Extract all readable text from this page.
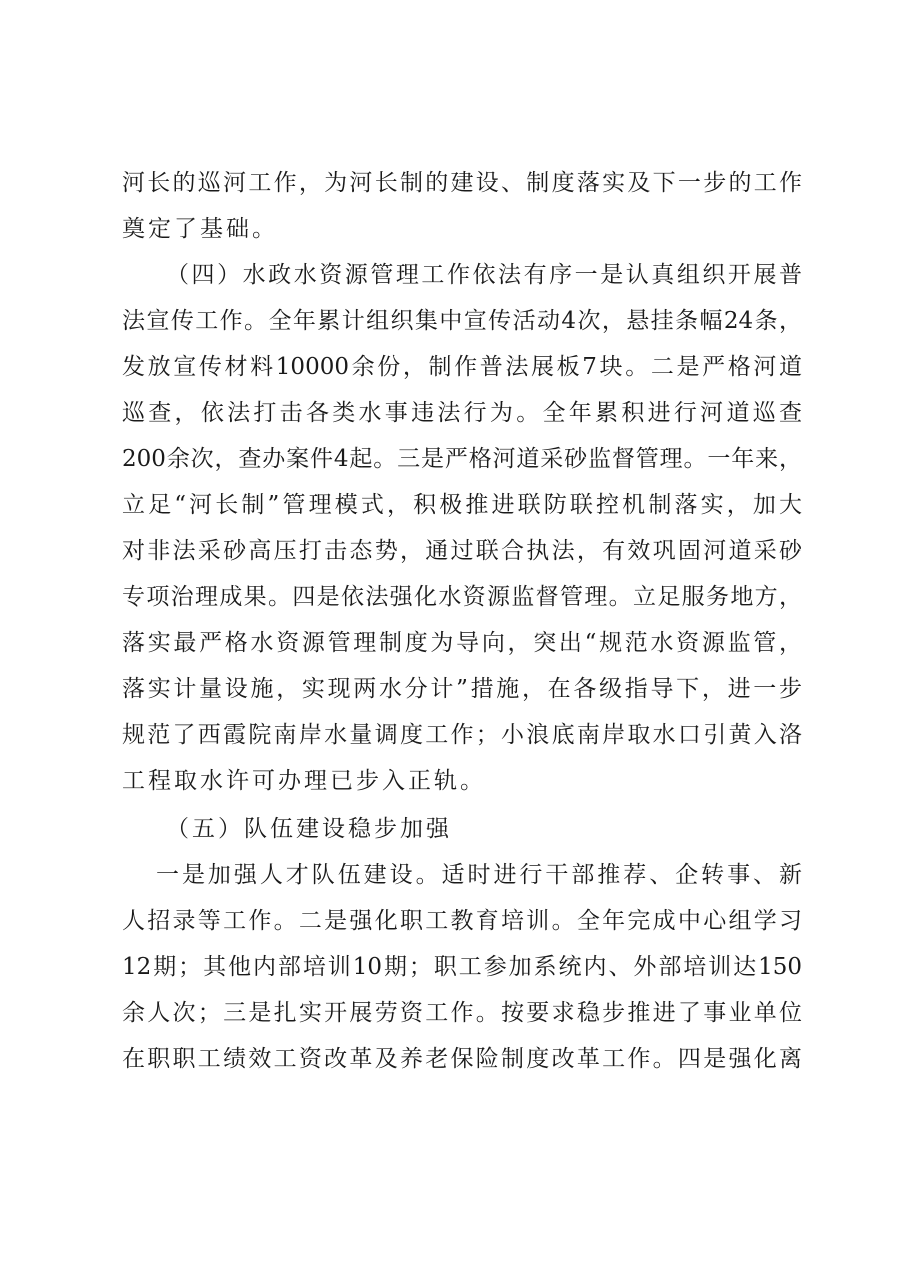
河长的巡河工作，为河长制的建设、制度落实及下一步的工作
奠定了基础。
（四）水政水资源管理工作依法有序一是认真组织开展普
法宣传工作。全年累计组织集中宣传活动4次，悬挂条幅24条，
发放宣传材料10000余份，制作普法展板7块。二是严格河道
巡查，依法打击各类水事违法行为。全年累积进行河道巡查
200余次，查办案件4起。三是严格河道采砂监督管理。一年来，
立足“河长制”管理模式，积极推进联防联控机制落实，加大
对非法采砂高压打击态势，通过联合执法，有效巩固河道采砂
专项治理成果。四是依法强化水资源监督管理。立足服务地方，
落实最严格水资源管理制度为导向，突出“规范水资源监管，
落实计量设施，实现两水分计”措施，在各级指导下，进一步
规范了西霞院南岸水量调度工作；小浪底南岸取水口引黄入洛
工程取水许可办理已步入正轨。
（五）队伍建设稳步加强
一是加强人才队伍建设。适时进行干部推荐、企转事、新
人招录等工作。二是强化职工教育培训。全年完成中心组学习
12期；其他内部培训10期；职工参加系统内、外部培训达150
余人次；三是扎实开展劳资工作。按要求稳步推进了事业单位
在职职工绩效工资改革及养老保险制度改革工作。四是强化离
